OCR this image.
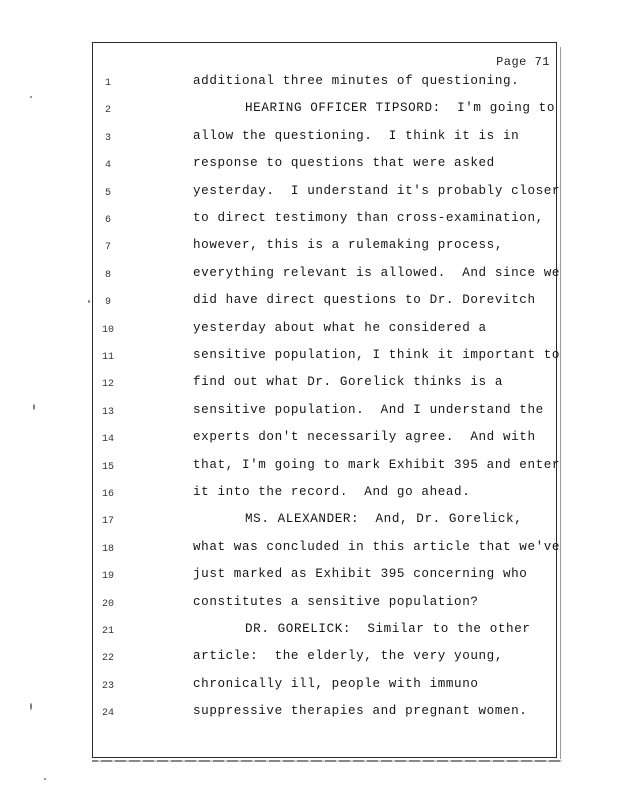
Page 71
1	additional three minutes of questioning.
2	HEARING OFFICER TIPSORD:  I'm going to
3	allow the questioning.  I think it is in
4	response to questions that were asked
5	yesterday.  I understand it's probably closer
6	to direct testimony than cross-examination,
7	however, this is a rulemaking process,
8	everything relevant is allowed.  And since we
9	did have direct questions to Dr. Dorevitch
10	yesterday about what he considered a
11	sensitive population, I think it important to
12	find out what Dr. Gorelick thinks is a
13	sensitive population.  And I understand the
14	experts don't necessarily agree.  And with
15	that, I'm going to mark Exhibit 395 and enter
16	it into the record.  And go ahead.
17	MS. ALEXANDER:  And, Dr. Gorelick,
18	what was concluded in this article that we've
19	just marked as Exhibit 395 concerning who
20	constitutes a sensitive population?
21	DR. GORELICK:  Similar to the other
22	article:  the elderly, the very young,
23	chronically ill, people with immuno
24	suppressive therapies and pregnant women.
